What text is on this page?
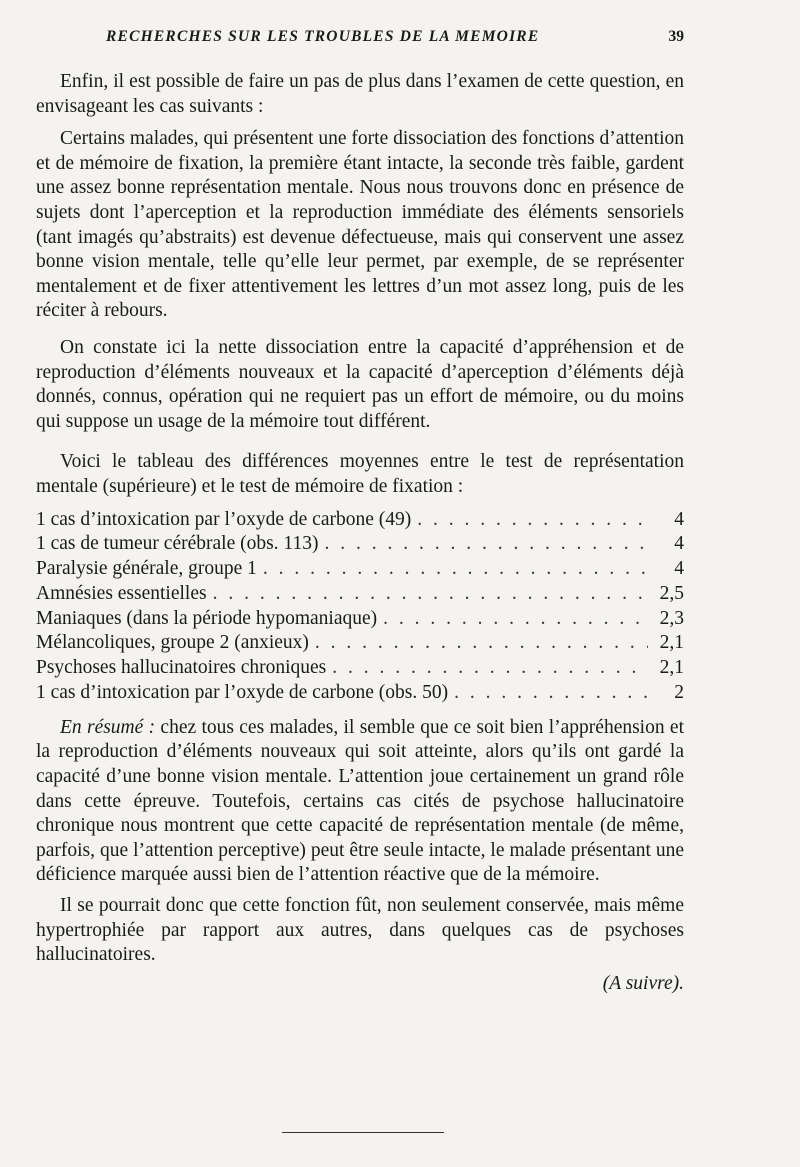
RECHERCHES SUR LES TROUBLES DE LA MEMOIRE	39

Enfin, il est possible de faire un pas de plus dans l’examen de cette question, en envisageant les cas suivants :

Certains malades, qui présentent une forte dissociation des fonctions d’attention et de mémoire de fixation, la première étant intacte, la seconde très faible, gardent une assez bonne représentation mentale. Nous nous trouvons donc en présence de sujets dont l’aperception et la reproduction immédiate des éléments sensoriels (tant imagés qu’abstraits) est devenue défectueuse, mais qui conservent une assez bonne vision mentale, telle qu’elle leur permet, par exemple, de se représenter mentalement et de fixer attentivement les lettres d’un mot assez long, puis de les réciter à rebours.

On constate ici la nette dissociation entre la capacité d’appréhension et de reproduction d’éléments nouveaux et la capacité d’aperception d’éléments déjà donnés, connus, opération qui ne requiert pas un effort de mémoire, ou du moins qui suppose un usage de la mémoire tout différent.

Voici le tableau des différences moyennes entre le test de représentation mentale (supérieure) et le test de mémoire de fixation :

1 cas d’intoxication par l’oxyde de carbone (49) . . .	4
1 cas de tumeur cérébrale (obs. 113) . . .	4
Paralysie générale, groupe 1 . . .	4
Amnésies essentielles . . .	2,5
Maniaques (dans la période hypomaniaque) . . .	2,3
Mélancoliques, groupe 2 (anxieux) . . .	2,1
Psychoses hallucinatoires chroniques . . .	2,1
1 cas d’intoxication par l’oxyde de carbone (obs. 50) . . .	2

En résumé : chez tous ces malades, il semble que ce soit bien l’appréhension et la reproduction d’éléments nouveaux qui soit atteinte, alors qu’ils ont gardé la capacité d’une bonne vision mentale. L’attention joue certainement un grand rôle dans cette épreuve. Toutefois, certains cas cités de psychose hallucinatoire chronique nous montrent que cette capacité de représentation mentale (de même, parfois, que l’attention perceptive) peut être seule intacte, le malade présentant une déficience marquée aussi bien de l’attention réactive que de la mémoire.

Il se pourrait donc que cette fonction fût, non seulement conservée, mais même hypertrophiée par rapport aux autres, dans quelques cas de psychoses hallucinatoires.

(A suivre).
